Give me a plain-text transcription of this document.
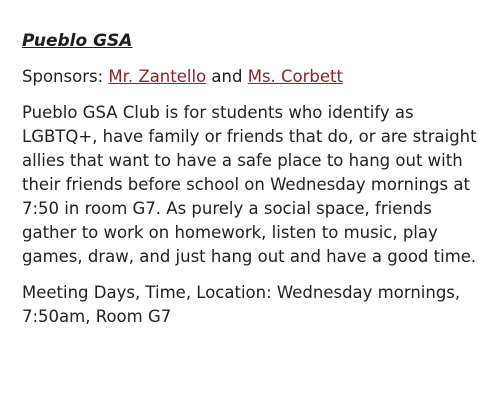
Pueblo GSA
Sponsors: Mr. Zantello and Ms. Corbett

Pueblo GSA Club is for students who identify as LGBTQ+, have family or friends that do, or are straight allies that want to have a safe place to hang out with their friends before school on Wednesday mornings at 7:50 in room G7. As purely a social space, friends gather to work on homework, listen to music, play games, draw, and just hang out and have a good time.

Meeting Days, Time, Location: Wednesday mornings, 7:50am, Room G7
